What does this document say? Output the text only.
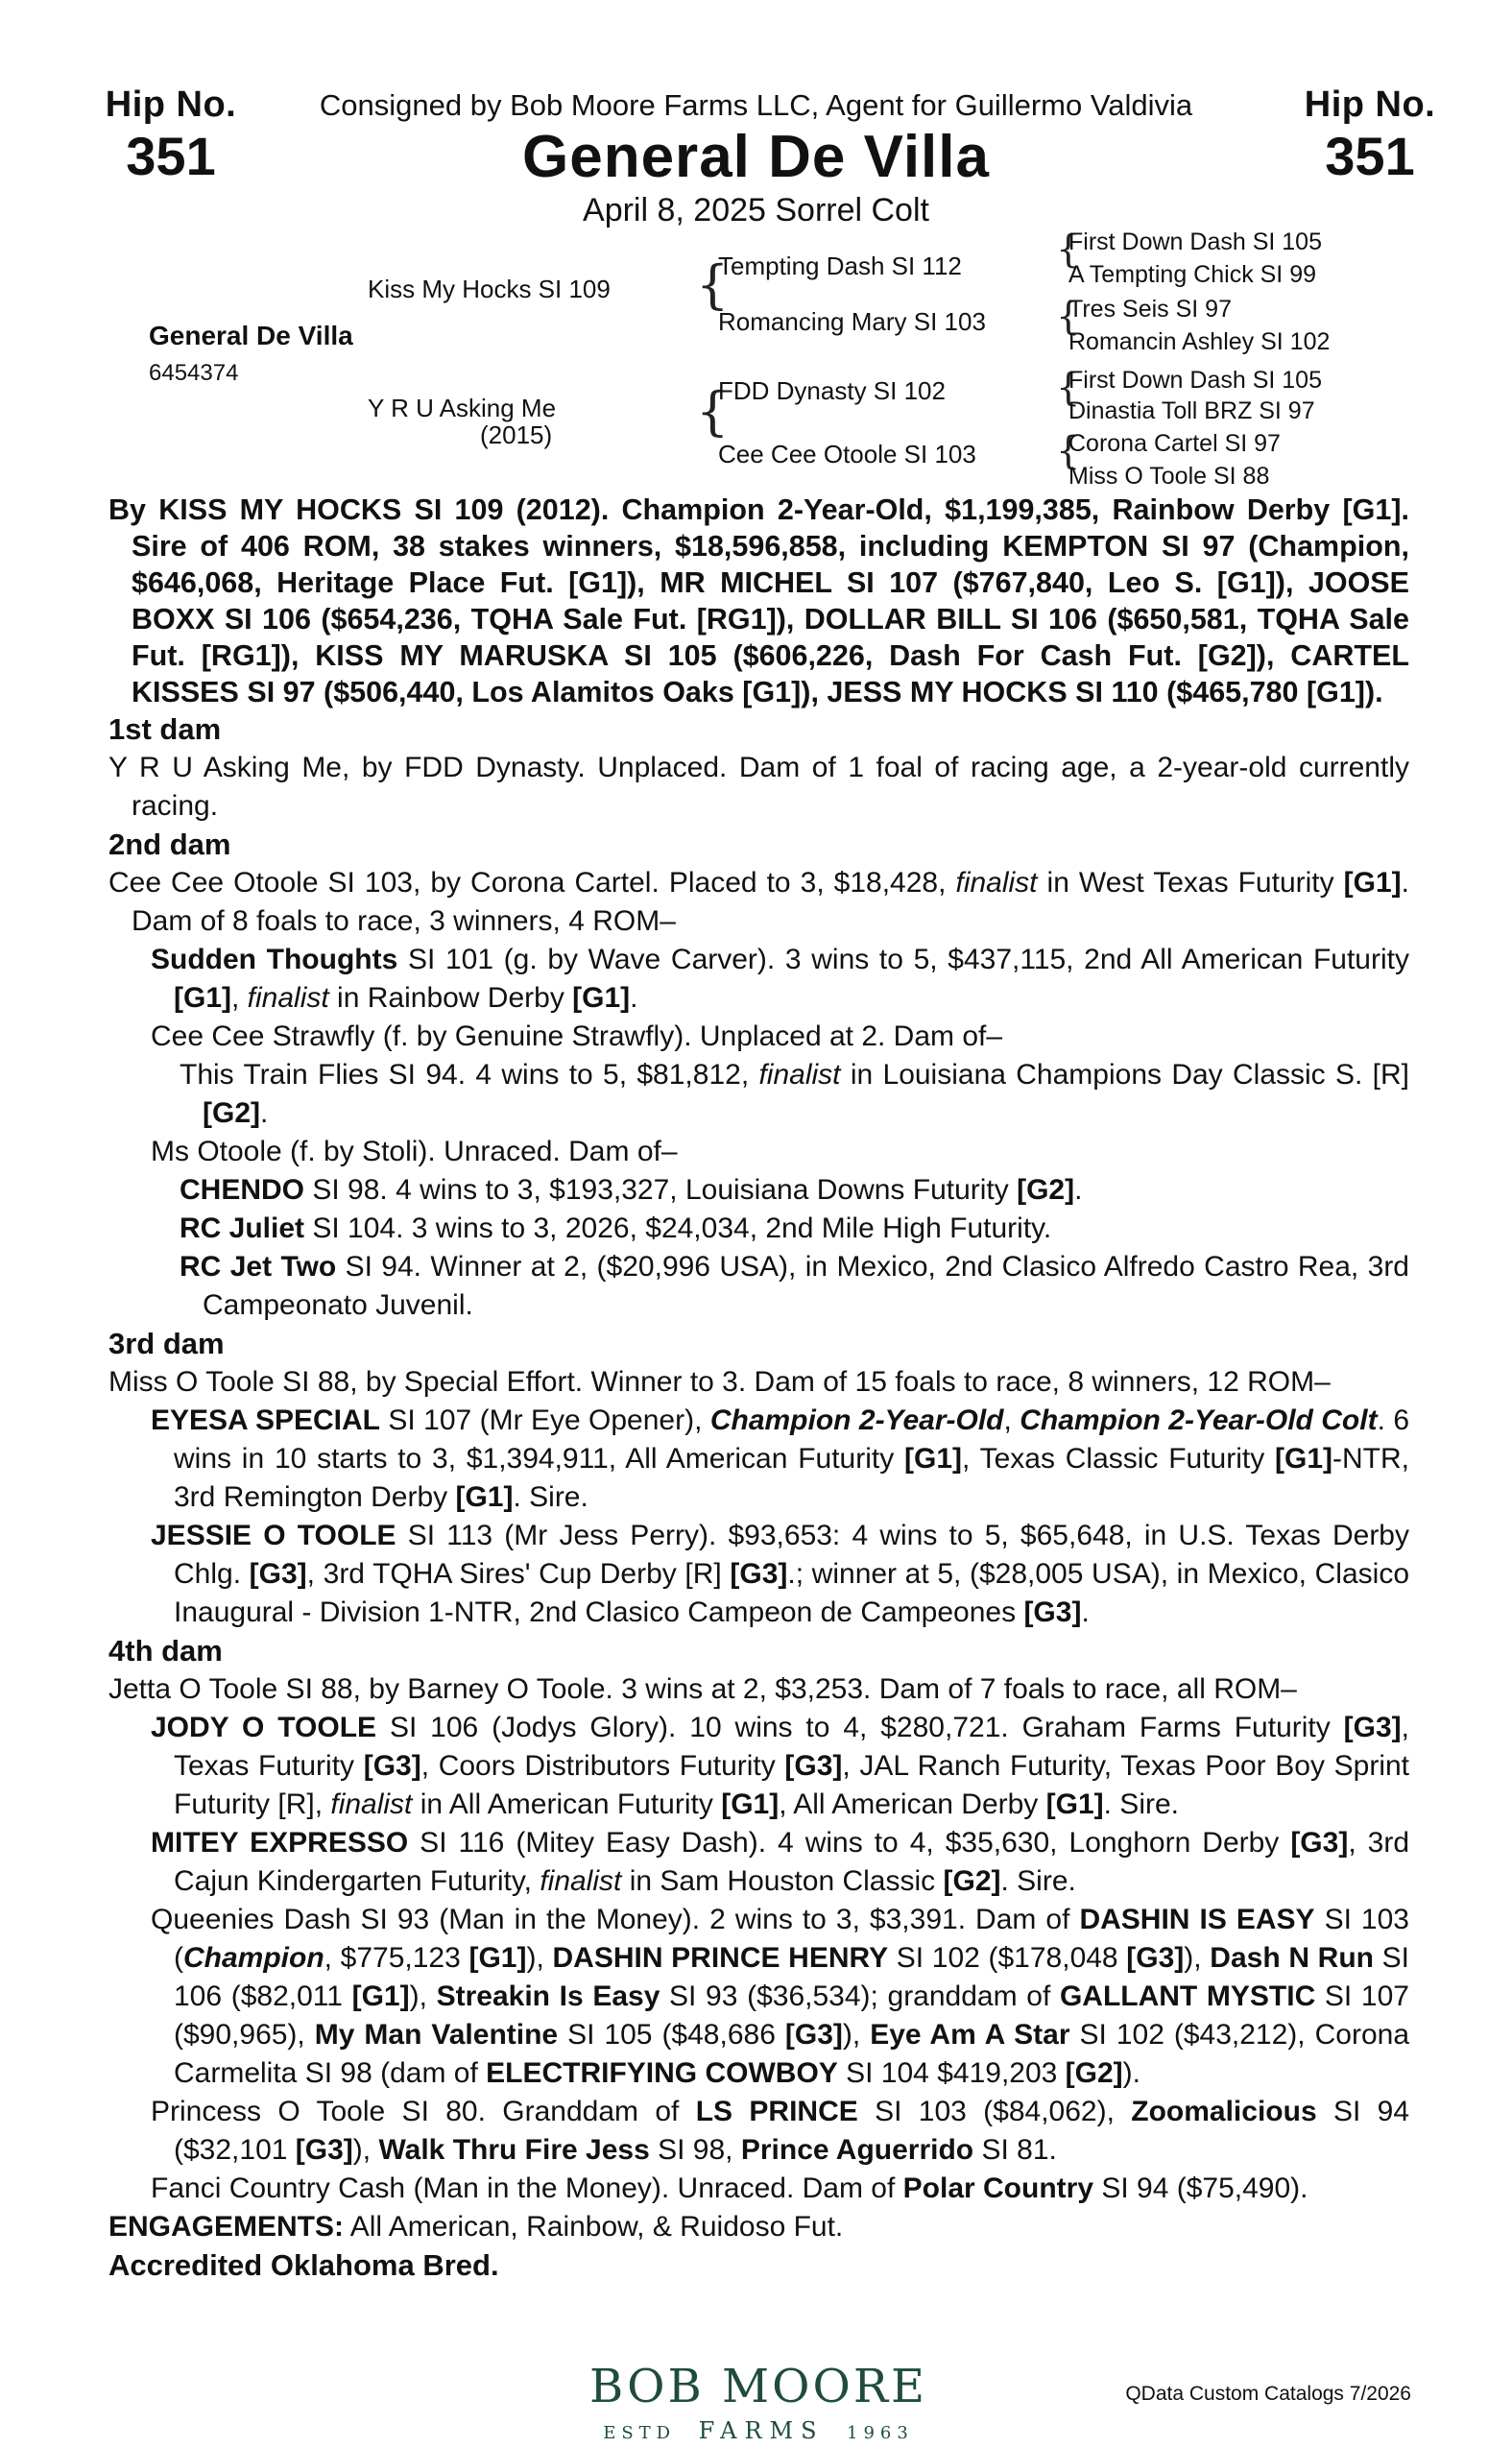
Hip No.
351
Hip No.
351
Consigned by Bob Moore Farms LLC, Agent for Guillermo Valdivia
General De Villa
April 8, 2025 Sorrel Colt
General De Villa
6454374
Kiss My Hocks SI 109
Y R U Asking Me
(2015)
{
{
Tempting Dash SI 112
Romancing Mary SI 103
FDD Dynasty SI 102
Cee Cee Otoole SI 103
{
{
{
{
First Down Dash SI 105
A Tempting Chick SI 99
Tres Seis SI 97
Romancin Ashley SI 102
First Down Dash SI 105
Dinastia Toll BRZ SI 97
Corona Cartel SI 97
Miss O Toole SI 88

By KISS MY HOCKS SI 109 (2012). Champion 2-Year-Old, $1,199,385, Rainbow Derby [G1]. Sire of 406 ROM, 38 stakes winners, $18,596,858, including KEMPTON SI 97 (Champion, $646,068, Heritage Place Fut. [G1]), MR MICHEL SI 107 ($767,840, Leo S. [G1]), JOOSE BOXX SI 106 ($654,236, TQHA Sale Fut. [RG1]), DOLLAR BILL SI 106 ($650,581, TQHA Sale Fut. [RG1]), KISS MY MARUSKA SI 105 ($606,226, Dash For Cash Fut. [G2]), CARTEL KISSES SI 97 ($506,440, Los Alamitos Oaks [G1]), JESS MY HOCKS SI 110 ($465,780 [G1]).

1st dam

Y R U Asking Me, by FDD Dynasty. Unplaced. Dam of 1 foal of racing age, a 2-year-old currently racing.

2nd dam

Cee Cee Otoole SI 103, by Corona Cartel. Placed to 3, $18,428, finalist in West Texas Futurity [G1]. Dam of 8 foals to race, 3 winners, 4 ROM–

Sudden Thoughts SI 101 (g. by Wave Carver). 3 wins to 5, $437,115, 2nd All American Futurity [G1], finalist in Rainbow Derby [G1].

Cee Cee Strawfly (f. by Genuine Strawfly). Unplaced at 2. Dam of–

This Train Flies SI 94. 4 wins to 5, $81,812, finalist in Louisiana Champions Day Classic S. [R] [G2].

Ms Otoole (f. by Stoli). Unraced. Dam of–

CHENDO SI 98. 4 wins to 3, $193,327, Louisiana Downs Futurity [G2].

RC Juliet SI 104. 3 wins to 3, 2026, $24,034, 2nd Mile High Futurity.

RC Jet Two SI 94. Winner at 2, ($20,996 USA), in Mexico, 2nd Clasico Alfredo Castro Rea, 3rd Campeonato Juvenil.

3rd dam

Miss O Toole SI 88, by Special Effort. Winner to 3. Dam of 15 foals to race, 8 winners, 12 ROM–

EYESA SPECIAL SI 107 (Mr Eye Opener), Champion 2-Year-Old, Champion 2-Year-Old Colt. 6 wins in 10 starts to 3, $1,394,911, All American Futurity [G1], Texas Classic Futurity [G1]-NTR, 3rd Remington Derby [G1]. Sire.

JESSIE O TOOLE SI 113 (Mr Jess Perry). $93,653: 4 wins to 5, $65,648, in U.S. Texas Derby Chlg. [G3], 3rd TQHA Sires' Cup Derby [R] [G3].; winner at 5, ($28,005 USA), in Mexico, Clasico Inaugural - Division 1-NTR, 2nd Clasico Campeon de Campeones [G3].

4th dam

Jetta O Toole SI 88, by Barney O Toole. 3 wins at 2, $3,253. Dam of 7 foals to race, all ROM–

JODY O TOOLE SI 106 (Jodys Glory). 10 wins to 4, $280,721. Graham Farms Futurity [G3], Texas Futurity [G3], Coors Distributors Futurity [G3], JAL Ranch Futurity, Texas Poor Boy Sprint Futurity [R], finalist in All American Futurity [G1], All American Derby [G1]. Sire.

MITEY EXPRESSO SI 116 (Mitey Easy Dash). 4 wins to 4, $35,630, Longhorn Derby [G3], 3rd Cajun Kindergarten Futurity, finalist in Sam Houston Classic [G2]. Sire.

Queenies Dash SI 93 (Man in the Money). 2 wins to 3, $3,391. Dam of DASHIN IS EASY SI 103 (Champion, $775,123 [G1]), DASHIN PRINCE HENRY SI 102 ($178,048 [G3]), Dash N Run SI 106 ($82,011 [G1]), Streakin Is Easy SI 93 ($36,534); granddam of GALLANT MYSTIC SI 107 ($90,965), My Man Valentine SI 105 ($48,686 [G3]), Eye Am A Star SI 102 ($43,212), Corona Carmelita SI 98 (dam of ELECTRIFYING COWBOY SI 104 $419,203 [G2]).

Princess O Toole SI 80. Granddam of LS PRINCE SI 103 ($84,062), Zoomalicious SI 94 ($32,101 [G3]), Walk Thru Fire Jess SI 98, Prince Aguerrido SI 81.

Fanci Country Cash (Man in the Money). Unraced. Dam of Polar Country SI 94 ($75,490).

ENGAGEMENTS: All American, Rainbow, & Ruidoso Fut.

Accredited Oklahoma Bred.

BOB MOORE
ESTD FARMS 1963
QData Custom Catalogs 7/2026
